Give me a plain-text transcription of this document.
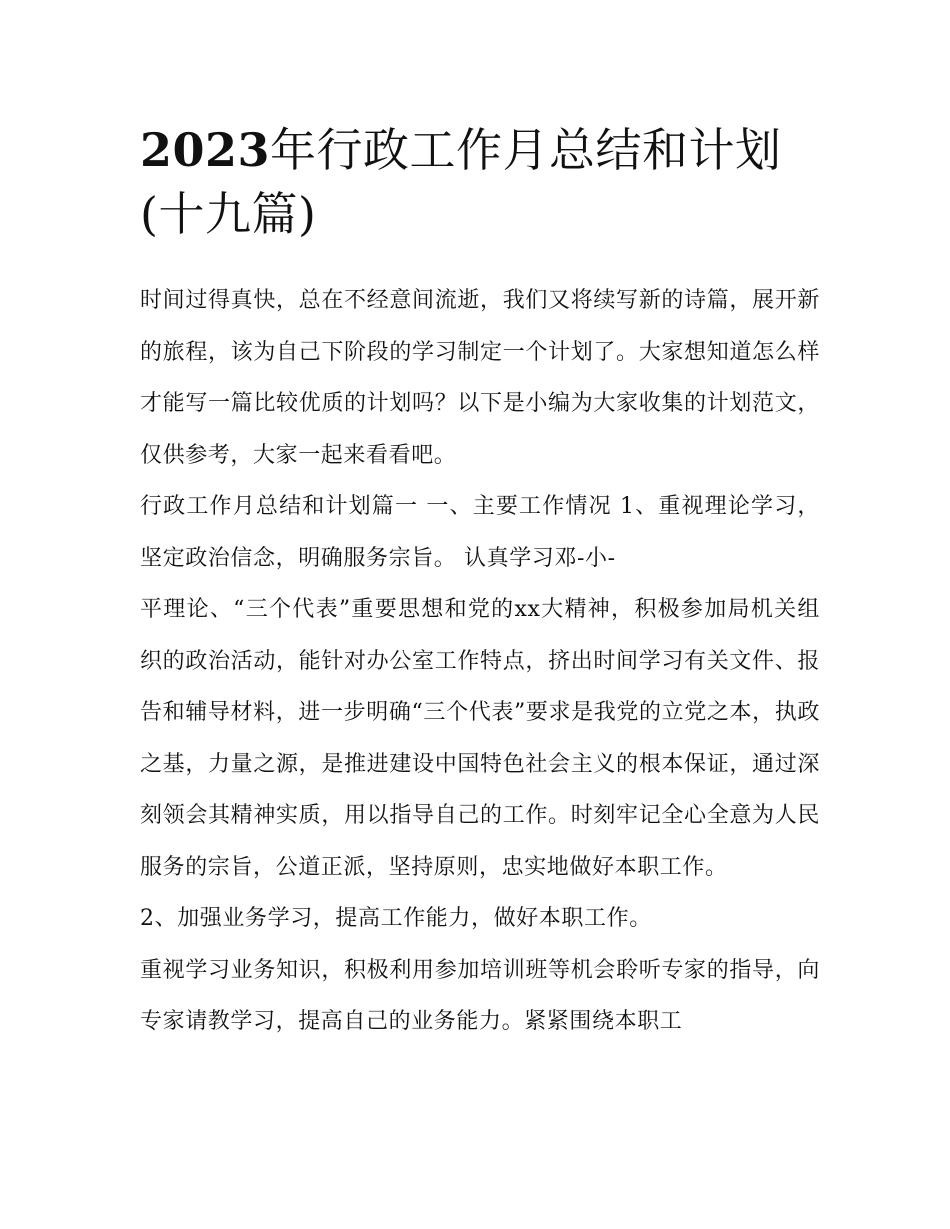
2023年行政工作月总结和计划(十九篇)

时间过得真快，总在不经意间流逝，我们又将续写新的诗篇，展开新的旅程，该为自己下阶段的学习制定一个计划了。大家想知道怎么样才能写一篇比较优质的计划吗？以下是小编为大家收集的计划范文，仅供参考，大家一起来看看吧。

行政工作月总结和计划篇一 一、主要工作情况 1、重视理论学习，坚定政治信念，明确服务宗旨。 认真学习邓-小-

平理论、“三个代表”重要思想和党的xx大精神，积极参加局机关组织的政治活动，能针对办公室工作特点，挤出时间学习有关文件、报告和辅导材料，进一步明确“三个代表”要求是我党的立党之本，执政之基，力量之源，是推进建设中国特色社会主义的根本保证，通过深刻领会其精神实质，用以指导自己的工作。时刻牢记全心全意为人民服务的宗旨，公道正派，坚持原则，忠实地做好本职工作。

2、加强业务学习，提高工作能力，做好本职工作。

重视学习业务知识，积极利用参加培训班等机会聆听专家的指导，向专家请教学习，提高自己的业务能力。紧紧围绕本职工
